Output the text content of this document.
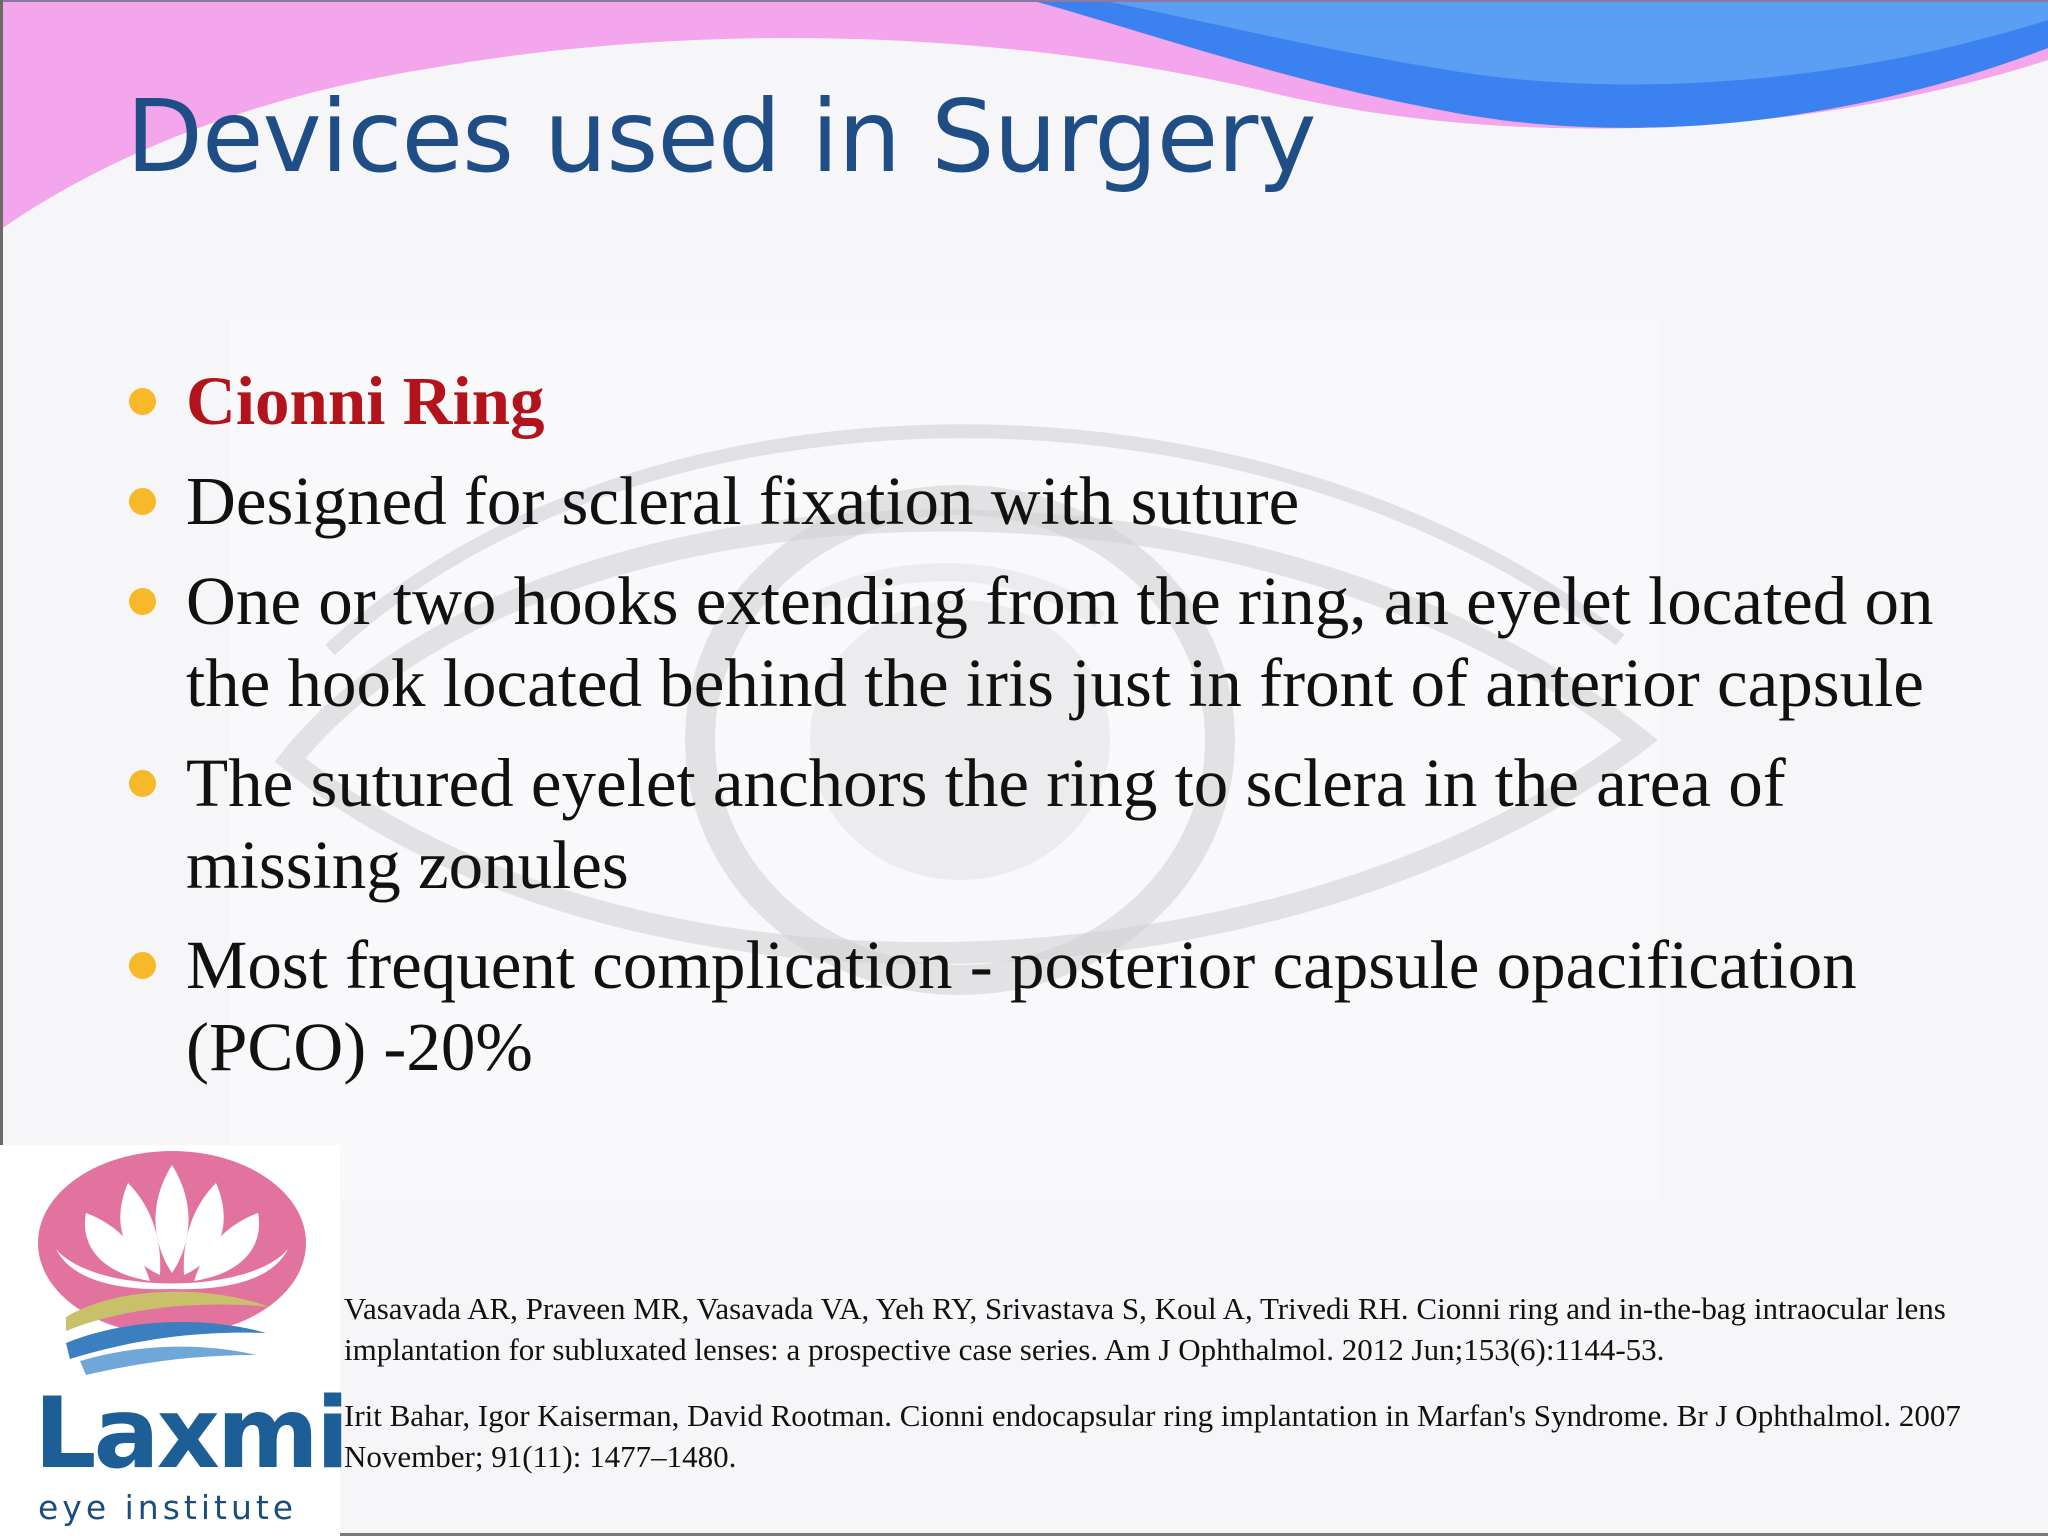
Devices used in Surgery
Cionni Ring
Designed for scleral fixation with suture
One or two hooks extending from the ring, an eyelet located on the hook located behind the iris just in front of anterior capsule
The sutured eyelet anchors the ring to sclera in the area of missing zonules
Most frequent complication - posterior capsule opacification (PCO) -20%

Laxmi

eye institute

Vasavada AR, Praveen MR, Vasavada VA, Yeh RY, Srivastava S, Koul A, Trivedi RH. Cionni ring and in-the-bag intraocular lens implantation for subluxated lenses: a prospective case series. Am J Ophthalmol. 2012 Jun;153(6):1144-53.

Irit Bahar, Igor Kaiserman, David Rootman. Cionni endocapsular ring implantation in Marfan's Syndrome. Br J Ophthalmol. 2007 November; 91(11): 1477–1480.
